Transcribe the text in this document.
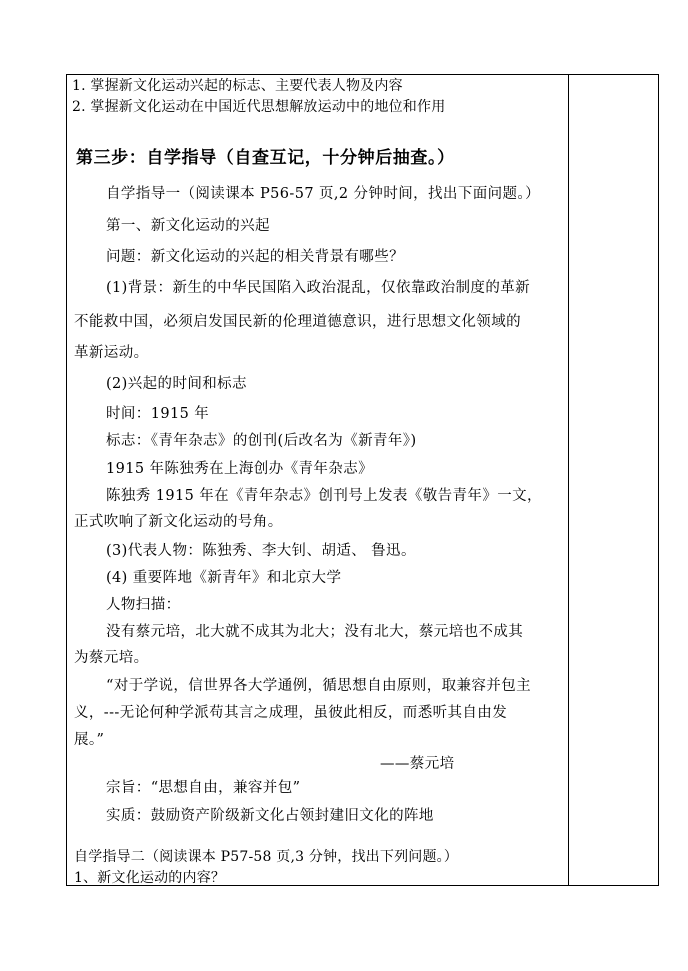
1. 掌握新文化运动兴起的标志、主要代表人物及内容
2. 掌握新文化运动在中国近代思想解放运动中的地位和作用
第三步：自学指导（自查互记，十分钟后抽查。）
自学指导一（阅读课本 P56-57 页,2 分钟时间，找出下面问题。）
第一、新文化运动的兴起
问题：新文化运动的兴起的相关背景有哪些？
(1)背景：新生的中华民国陷入政治混乱，仅依靠政治制度的革新
不能救中国，必须启发国民新的伦理道德意识，进行思想文化领域的
革新运动。
(2)兴起的时间和标志
时间：1915 年
标志：《青年杂志》的创刊(后改名为《新青年》)
1915 年陈独秀在上海创办《青年杂志》
陈独秀 1915 年在《青年杂志》创刊号上发表《敬告青年》一文，
正式吹响了新文化运动的号角。
(3)代表人物：陈独秀、李大钊、胡适、 鲁迅。
(4) 重要阵地《新青年》和北京大学
人物扫描：
没有蔡元培，北大就不成其为北大；没有北大，蔡元培也不成其
为蔡元培。
“对于学说，信世界各大学通例，循思想自由原则，取兼容并包主
义，---无论何种学派苟其言之成理，虽彼此相反，而悉听其自由发
展。”
——蔡元培
宗旨：“思想自由，兼容并包”
实质：鼓励资产阶级新文化占领封建旧文化的阵地
自学指导二（阅读课本 P57-58 页,3 分钟，找出下列问题。）
1、新文化运动的内容？
